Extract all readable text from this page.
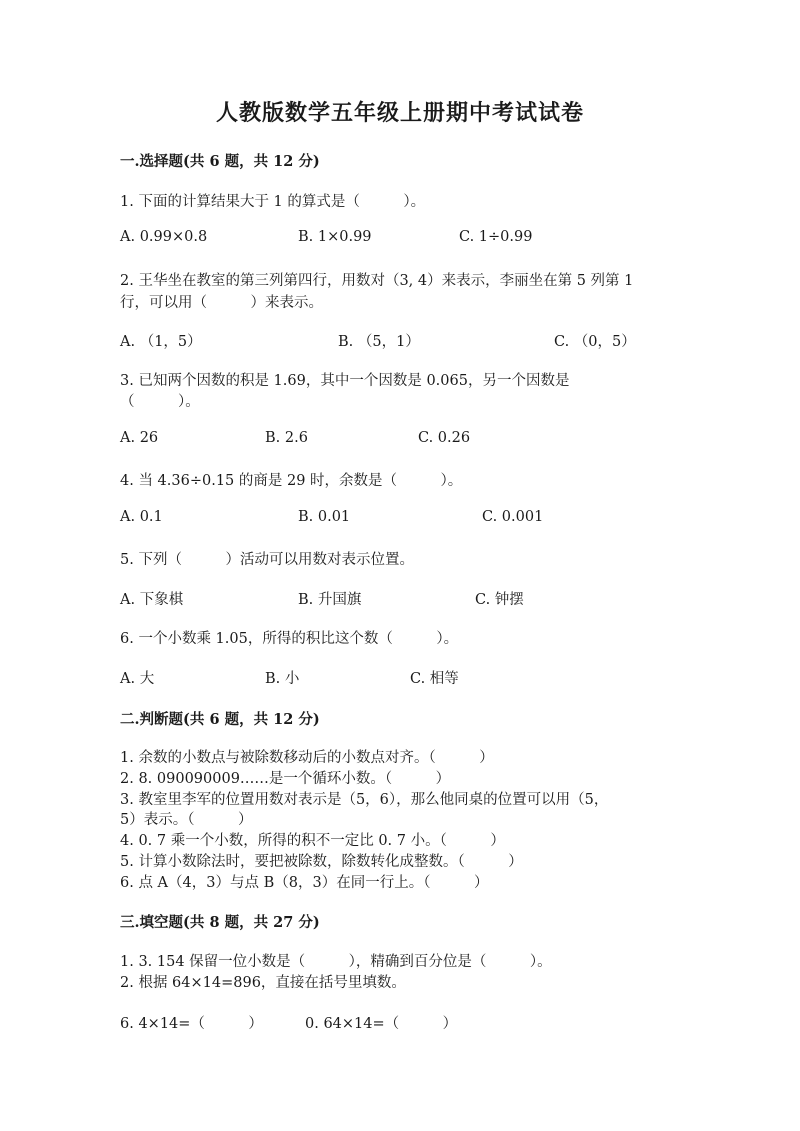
人教版数学五年级上册期中考试试卷
一.选择题(共 6 题，共 12 分)
1. 下面的计算结果大于 1 的算式是（　　　）。
A. 0.99×0.8	B. 1×0.99	C. 1÷0.99
2. 王华坐在教室的第三列第四行，用数对（3, 4）来表示，李丽坐在第 5 列第 1
行，可以用（　　　）来表示。
A. （1，5）	B. （5，1）	C. （0，5）
3. 已知两个因数的积是 1.69，其中一个因数是 0.065，另一个因数是
（　　　）。
A. 26	B. 2.6	C. 0.26
4. 当 4.36÷0.15 的商是 29 时，余数是（　　　）。
A. 0.1	B. 0.01	C. 0.001
5. 下列（　　　）活动可以用数对表示位置。
A. 下象棋	B. 升国旗	C. 钟摆
6. 一个小数乘 1.05，所得的积比这个数（　　　）。
A. 大	B. 小	C. 相等
二.判断题(共 6 题，共 12 分)
1. 余数的小数点与被除数移动后的小数点对齐。（　　　）
2. 8. 090090009……是一个循环小数。（　　　）
3. 教室里李军的位置用数对表示是（5，6），那么他同桌的位置可以用（5，
5）表示。（　　　）
4. 0. 7 乘一个小数，所得的积不一定比 0. 7 小。（　　　）
5. 计算小数除法时，要把被除数，除数转化成整数。（　　　）
6. 点 A（4，3）与点 B（8，3）在同一行上。（　　　）
三.填空题(共 8 题，共 27 分)
1. 3. 154 保留一位小数是（　　　），精确到百分位是（　　　）。
2. 根据 64×14=896，直接在括号里填数。
6. 4×14=（　　　）	0. 64×14=（　　　）
